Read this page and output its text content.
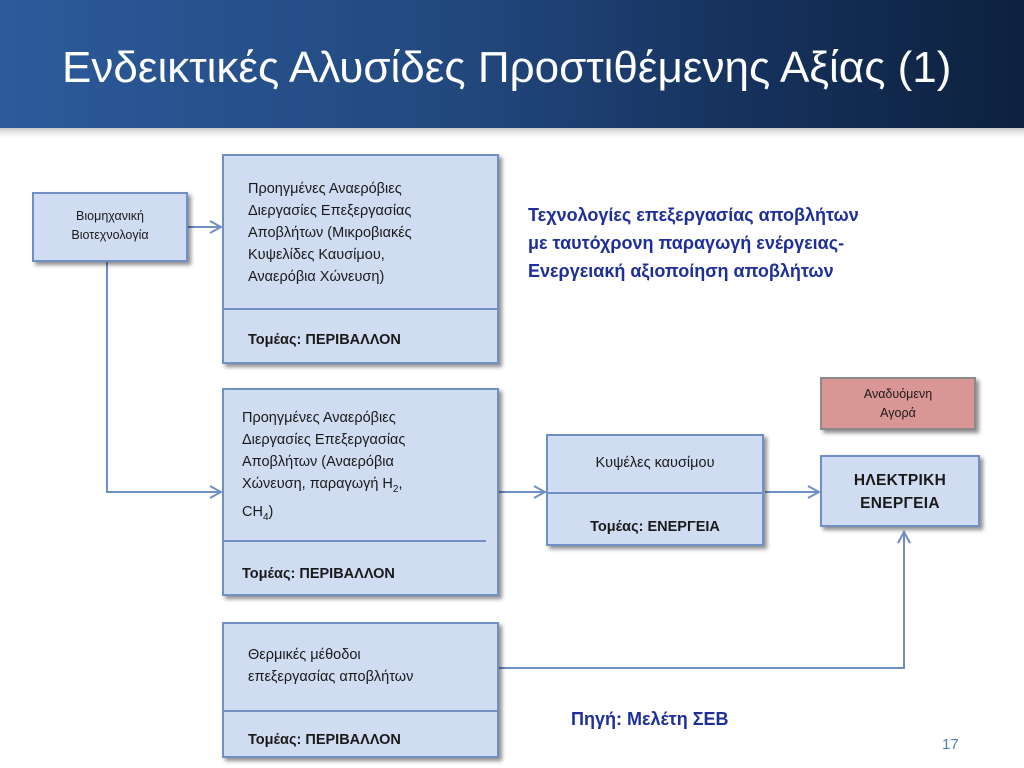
Ενδεικτικές Αλυσίδες Προστιθέμενης Αξίας (1)
Βιομηχανική
Βιοτεχνολογία
Προηγμένες Αναερόβιες
Διεργασίες Επεξεργασίας
Αποβλήτων (Μικροβιακές
Κυψελίδες Καυσίμου,
Αναερόβια Χώνευση)
Τομέας: ΠΕΡΙΒΑΛΛΟΝ
Προηγμένες Αναερόβιες
Διεργασίες Επεξεργασίας
Αποβλήτων (Αναερόβια
Χώνευση, παραγωγή $H_2$,
$CH_4$)
Τομέας: ΠΕΡΙΒΑΛΛΟΝ
Θερμικές μέθοδοι
επεξεργασίας αποβλήτων
Τομέας: ΠΕΡΙΒΑΛΛΟΝ
Κυψέλες καυσίμου
Τομέας: ΕΝΕΡΓΕΙΑ
Αναδυόμενη
Αγορά
ΗΛΕΚΤΡΙΚΗ
ΕΝΕΡΓΕΙΑ
Τεχνολογίες επεξεργασίας αποβλήτων
με ταυτόχρονη παραγωγή ενέργειας-
Ενεργειακή αξιοποίηση αποβλήτων
Πηγή: Μελέτη ΣΕΒ
17
